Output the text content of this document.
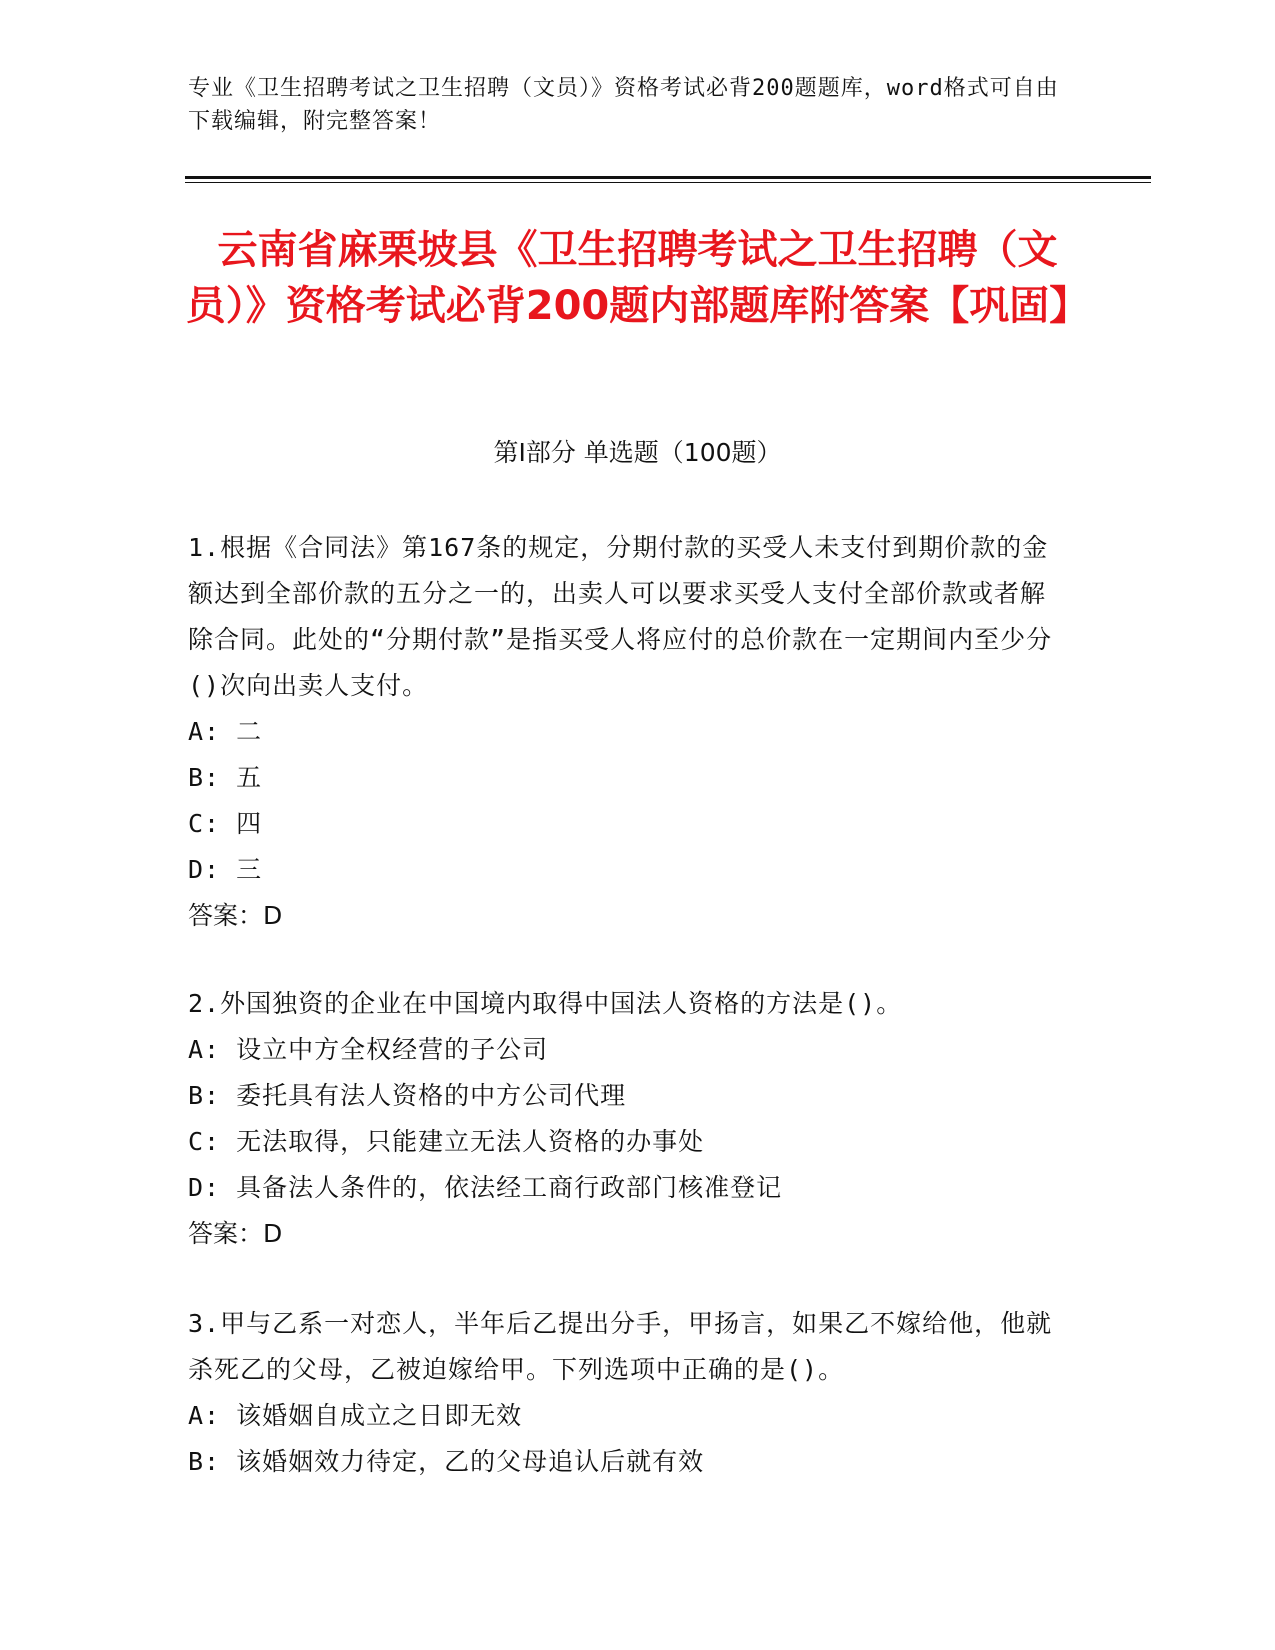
专业《卫生招聘考试之卫生招聘（文员）》资格考试必背200题题库，word格式可自由下载编辑，附完整答案！
云南省麻栗坡县《卫生招聘考试之卫生招聘（文员）》资格考试必背200题内部题库附答案【巩固】
第Ⅰ部分 单选题（100题）
1.根据《合同法》第167条的规定，分期付款的买受人未支付到期价款的金额达到全部价款的五分之一的，出卖人可以要求买受人支付全部价款或者解除合同。此处的“分期付款”是指买受人将应付的总价款在一定期间内至少分()次向出卖人支付。
A: 二
B: 五
C: 四
D: 三
答案：D
2.外国独资的企业在中国境内取得中国法人资格的方法是()。
A: 设立中方全权经营的子公司
B: 委托具有法人资格的中方公司代理
C: 无法取得，只能建立无法人资格的办事处
D: 具备法人条件的，依法经工商行政部门核准登记
答案：D
3.甲与乙系一对恋人，半年后乙提出分手，甲扬言，如果乙不嫁给他，他就杀死乙的父母，乙被迫嫁给甲。下列选项中正确的是()。
A: 该婚姻自成立之日即无效
B: 该婚姻效力待定，乙的父母追认后就有效
